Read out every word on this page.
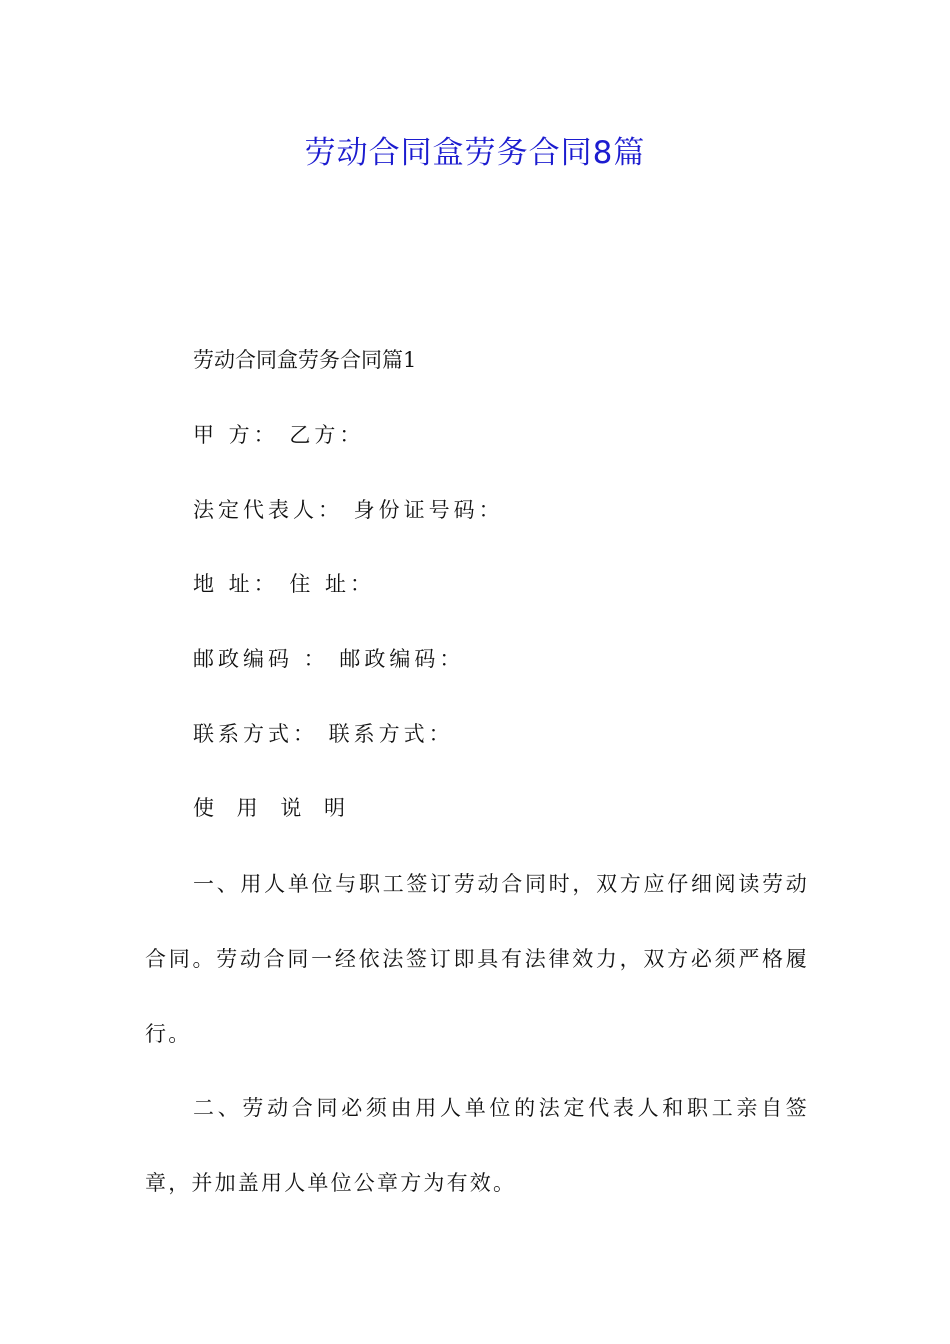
劳动合同盒劳务合同8篇

劳动合同盒劳务合同篇1

甲 方： 乙方：

法定代表人： 身份证号码：

地 址： 住 址：

邮政编码 ： 邮政编码：

联系方式： 联系方式：

使 用 说 明

一、用人单位与职工签订劳动合同时，双方应仔细阅读劳动合同。劳动合同一经依法签订即具有法律效力，双方必须严格履行。

二、劳动合同必须由用人单位的法定代表人和职工亲自签章，并加盖用人单位公章方为有效。
